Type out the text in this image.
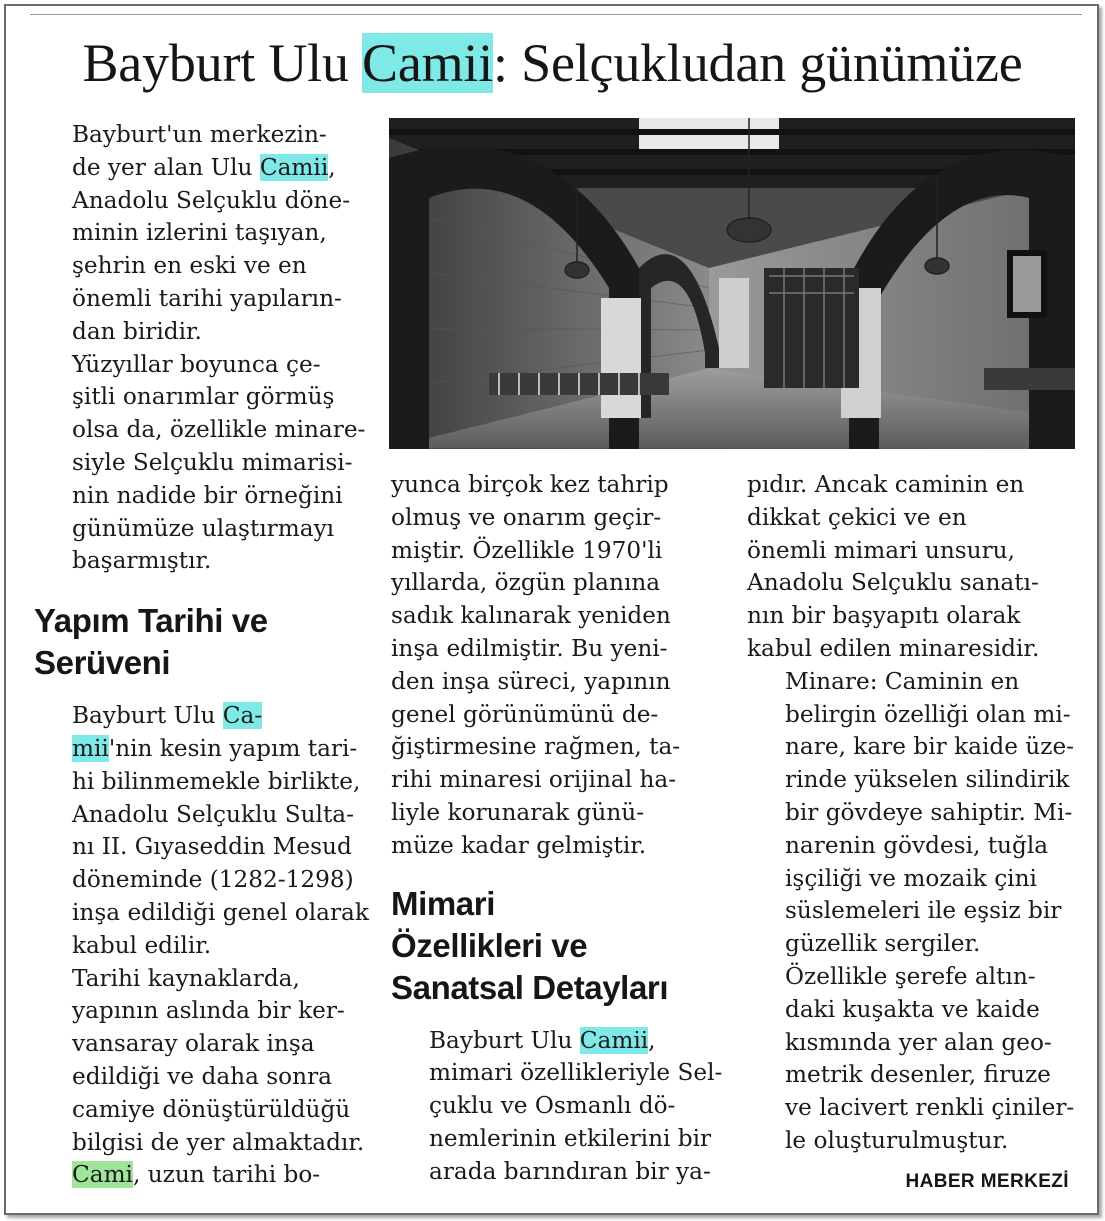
Bayburt Ulu Camii: Selçukludan günümüze

Bayburt'un merkezin-
de yer alan Ulu Camii,
Anadolu Selçuklu döne-
minin izlerini taşıyan,
şehrin en eski ve en
önemli tarihi yapıların-
dan biridir.

Yüzyıllar boyunca çe-
şitli onarımlar görmüş
olsa da, özellikle minare-
siyle Selçuklu mimarisi-
nin nadide bir örneğini
günümüze ulaştırmayı
başarmıştır.

Yapım Tarihi ve
Serüveni

Bayburt Ulu Ca-
mii'nin kesin yapım tari-
hi bilinmemekle birlikte,
Anadolu Selçuklu Sulta-
nı II. Gıyaseddin Mesud
döneminde (1282-1298)
inşa edildiği genel olarak
kabul edilir.

Tarihi kaynaklarda,
yapının aslında bir ker-
vansaray olarak inşa
edildiği ve daha sonra
camiye dönüştürüldüğü
bilgisi de yer almaktadır.

Cami, uzun tarihi bo-

yunca birçok kez tahrip
olmuş ve onarım geçir-
miştir. Özellikle 1970'li
yıllarda, özgün planına
sadık kalınarak yeniden
inşa edilmiştir. Bu yeni-
den inşa süreci, yapının
genel görünümünü de-
ğiştirmesine rağmen, ta-
rihi minaresi orijinal ha-
liyle korunarak günü-
müze kadar gelmiştir.

Mimari
Özellikleri ve
Sanatsal Detayları

Bayburt Ulu Camii,
mimari özellikleriyle Sel-
çuklu ve Osmanlı dö-
nemlerinin etkilerini bir
arada barındıran bir ya-

pıdır. Ancak caminin en
dikkat çekici ve en
önemli mimari unsuru,
Anadolu Selçuklu sanatı-
nın bir başyapıtı olarak
kabul edilen minaresidir.

Minare: Caminin en
belirgin özelliği olan mi-
nare, kare bir kaide üze-
rinde yükselen silindirik
bir gövdeye sahiptir. Mi-
narenin gövdesi, tuğla
işçiliği ve mozaik çini
süslemeleri ile eşsiz bir
güzellik sergiler.

Özellikle şerefe altın-
daki kuşakta ve kaide
kısmında yer alan geo-
metrik desenler, firuze
ve lacivert renkli çiniler-
le oluşturulmuştur.

HABER MERKEZİ
